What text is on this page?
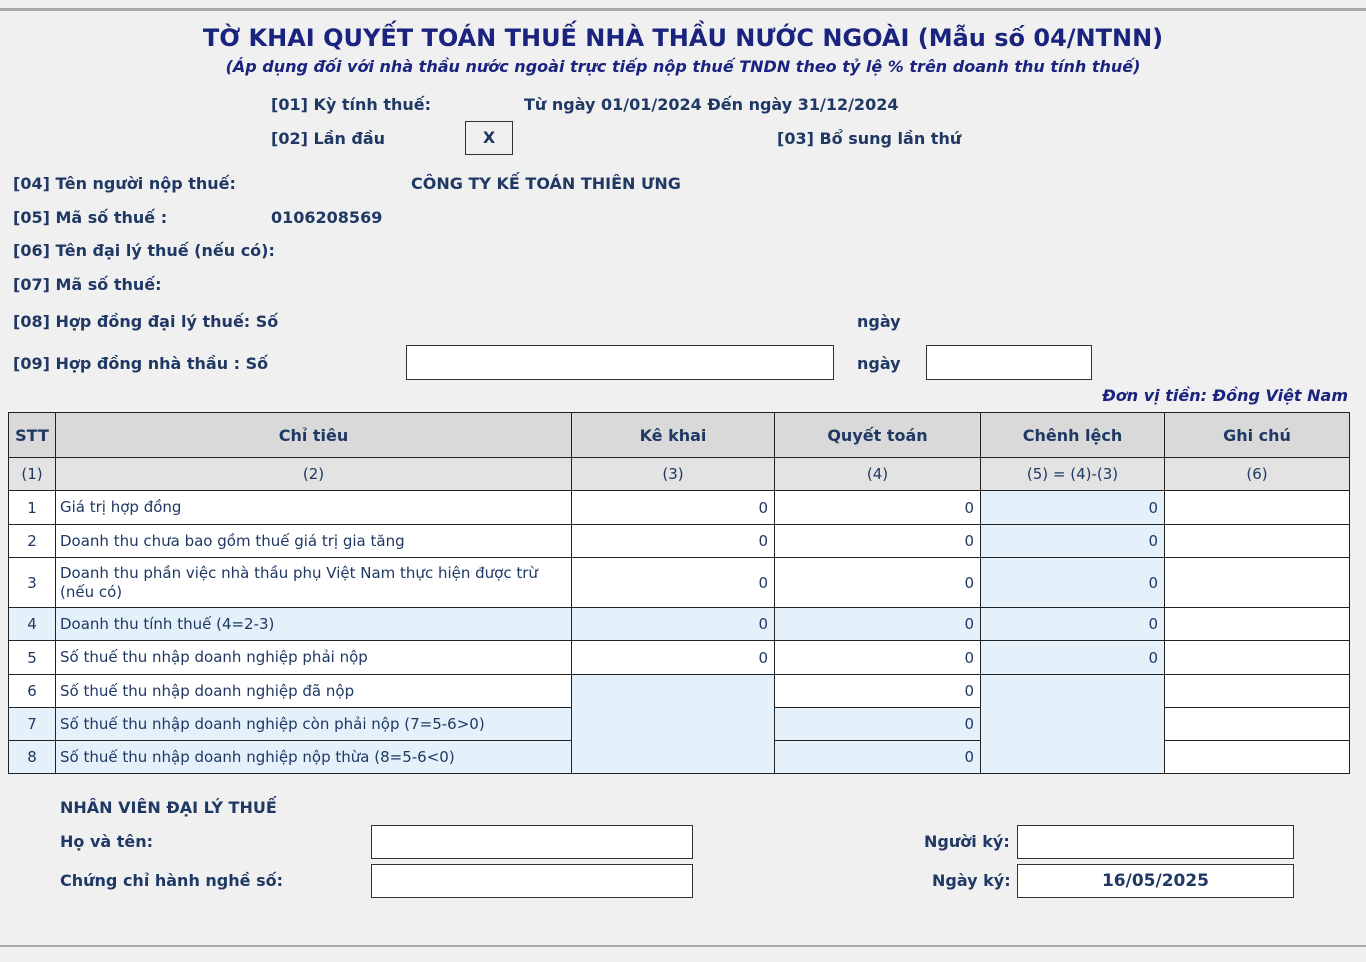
TỜ KHAI QUYẾT TOÁN THUẾ NHÀ THẦU NƯỚC NGOÀI (Mẫu số 04/NTNN)
(Áp dụng đối với nhà thầu nước ngoài trực tiếp nộp thuế TNDN theo tỷ lệ % trên doanh thu tính thuế)
[01] Kỳ tính thuế:	Từ ngày 01/01/2024 Đến ngày 31/12/2024
[02] Lần đầu	X	[03] Bổ sung lần thứ
[04] Tên người nộp thuế:	CÔNG TY KẾ TOÁN THIÊN ƯNG
[05] Mã số thuế :	0106208569
[06] Tên đại lý thuế (nếu có):
[07] Mã số thuế:
[08] Hợp đồng đại lý thuế: Số	ngày
[09] Hợp đồng nhà thầu : Số	ngày
Đơn vị tiền: Đồng Việt Nam
STT	Chỉ tiêu	Kê khai	Quyết toán	Chênh lệch	Ghi chú
(1)	(2)	(3)	(4)	(5) = (4)-(3)	(6)
1	Giá trị hợp đồng	0	0	0	
2	Doanh thu chưa bao gồm thuế giá trị gia tăng	0	0	0	
3	Doanh thu phần việc nhà thầu phụ Việt Nam thực hiện được trừ (nếu có)	0	0	0	
4	Doanh thu tính thuế (4=2-3)	0	0	0	
5	Số thuế thu nhập doanh nghiệp phải nộp	0	0	0	
6	Số thuế thu nhập doanh nghiệp đã nộp		0		
7	Số thuế thu nhập doanh nghiệp còn phải nộp (7=5-6>0)		0		
8	Số thuế thu nhập doanh nghiệp nộp thừa (8=5-6<0)		0		
NHÂN VIÊN ĐẠI LÝ THUẾ
Họ và tên:
Chứng chỉ hành nghề số:
Người ký:
Ngày ký:	16/05/2025
